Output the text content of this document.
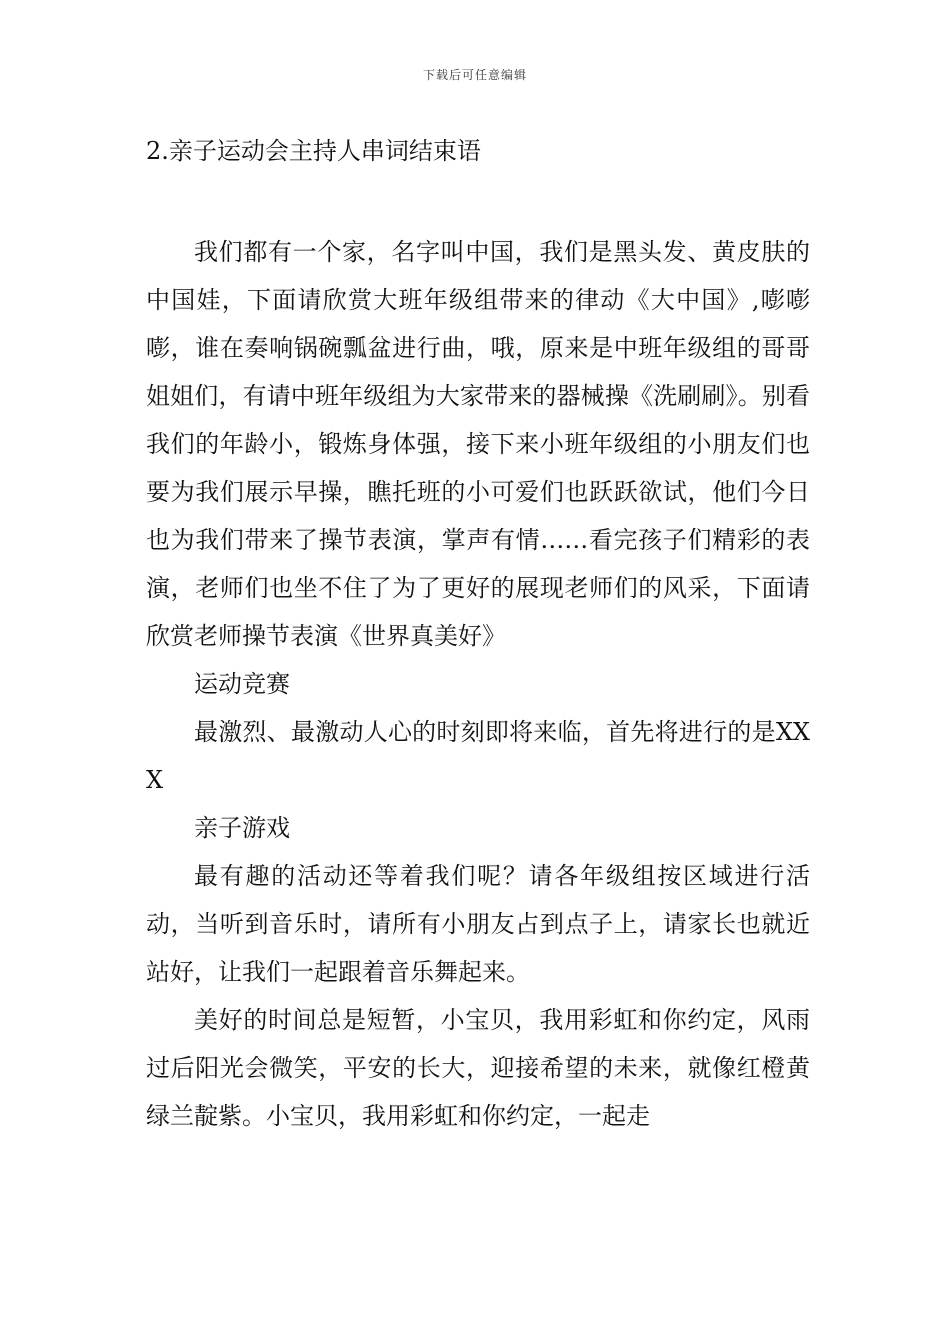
下载后可任意编辑
2.亲子运动会主持人串词结束语

我们都有一个家，名字叫中国，我们是黑头发、黄皮肤的中国娃，下面请欣赏大班年级组带来的律动《大中国》,嘭嘭嘭，谁在奏响锅碗瓢盆进行曲，哦，原来是中班年级组的哥哥姐姐们，有请中班年级组为大家带来的器械操《洗刷刷》。别看我们的年龄小，锻炼身体强，接下来小班年级组的小朋友们也要为我们展示早操，瞧托班的小可爱们也跃跃欲试，他们今日也为我们带来了操节表演，掌声有情……看完孩子们精彩的表演，老师们也坐不住了为了更好的展现老师们的风采，下面请欣赏老师操节表演《世界真美好》

运动竞赛

最激烈、最激动人心的时刻即将来临，首先将进行的是XXX

亲子游戏

最有趣的活动还等着我们呢？请各年级组按区域进行活动，当听到音乐时，请所有小朋友占到点子上，请家长也就近站好，让我们一起跟着音乐舞起来。

美好的时间总是短暂，小宝贝，我用彩虹和你约定，风雨过后阳光会微笑，平安的长大，迎接希望的未来，就像红橙黄绿兰靛紫。小宝贝，我用彩虹和你约定，一起走
